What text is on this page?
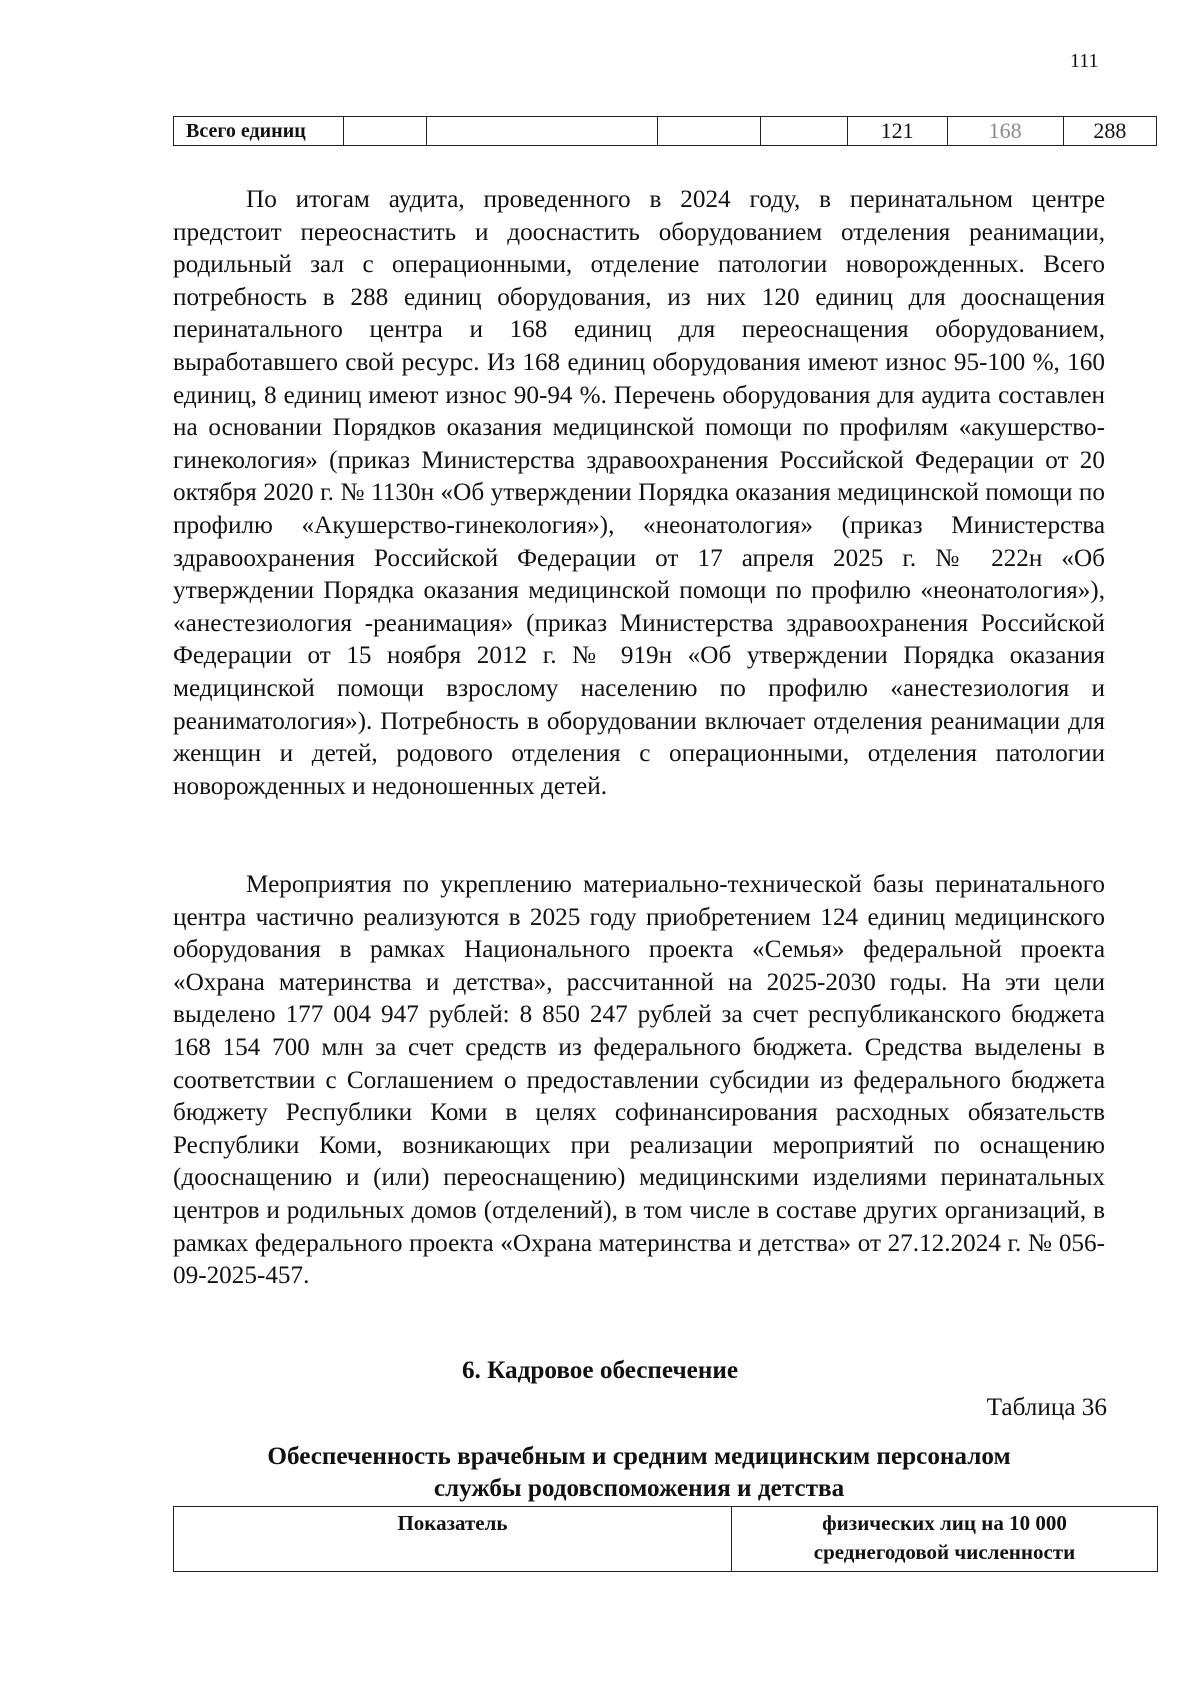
111
Всего единиц					121	168	288

По итогам аудита, проведенного в 2024 году, в перинатальном центре предстоит переоснастить и дооснастить оборудованием отделения реанимации, родильный зал с операционными, отделение патологии новорожденных. Всего потребность в 288 единиц оборудования, из них 120 единиц для дооснащения перинатального центра и 168 единиц для переоснащения оборудованием, выработавшего свой ресурс. Из 168 единиц оборудования имеют износ 95-100 %, 160 единиц, 8 единиц имеют износ 90-94 %. Перечень оборудования для аудита составлен на основании Порядков оказания медицинской помощи по профилям «акушерство-гинекология» (приказ Министерства здравоохранения Российской Федерации от 20 октября 2020 г. № 1130н «Об утверждении Порядка оказания медицинской помощи по профилю «Акушерство-гинекология»), «неонатология» (приказ Министерства здравоохранения Российской Федерации от 17 апреля 2025 г. № 222н «Об утверждении Порядка оказания медицинской помощи по профилю «неонатология»), «анестезиология -реанимация» (приказ Министерства здравоохранения Российской Федерации от 15 ноября 2012 г. № 919н «Об утверждении Порядка оказания медицинской помощи взрослому населению по профилю «анестезиология и реаниматология»). Потребность в оборудовании включает отделения реанимации для женщин и детей, родового отделения с операционными, отделения патологии новорожденных и недоношенных детей.

Мероприятия по укреплению материально-технической базы перинатального центра частично реализуются в 2025 году приобретением 124 единиц медицинского оборудования в рамках Национального проекта «Семья» федеральной проекта «Охрана материнства и детства», рассчитанной на 2025-2030 годы. На эти цели выделено 177 004 947 рублей: 8 850 247 рублей за счет республиканского бюджета 168 154 700 млн за счет средств из федерального бюджета. Средства выделены в соответствии с Соглашением о предоставлении субсидии из федерального бюджета бюджету Республики Коми в целях софинансирования расходных обязательств Республики Коми, возникающих при реализации мероприятий по оснащению (дооснащению и (или) переоснащению) медицинскими изделиями перинатальных центров и родильных домов (отделений), в том числе в составе других организаций, в рамках федерального проекта «Охрана материнства и детства» от 27.12.2024 г. № 056-09-2025-457.

6. Кадровое обеспечение
Таблица 36
Обеспеченность врачебным и средним медицинским персоналом
службы родовспоможения и детства
Показатель	физических лиц на 10 000
среднегодовой численности
